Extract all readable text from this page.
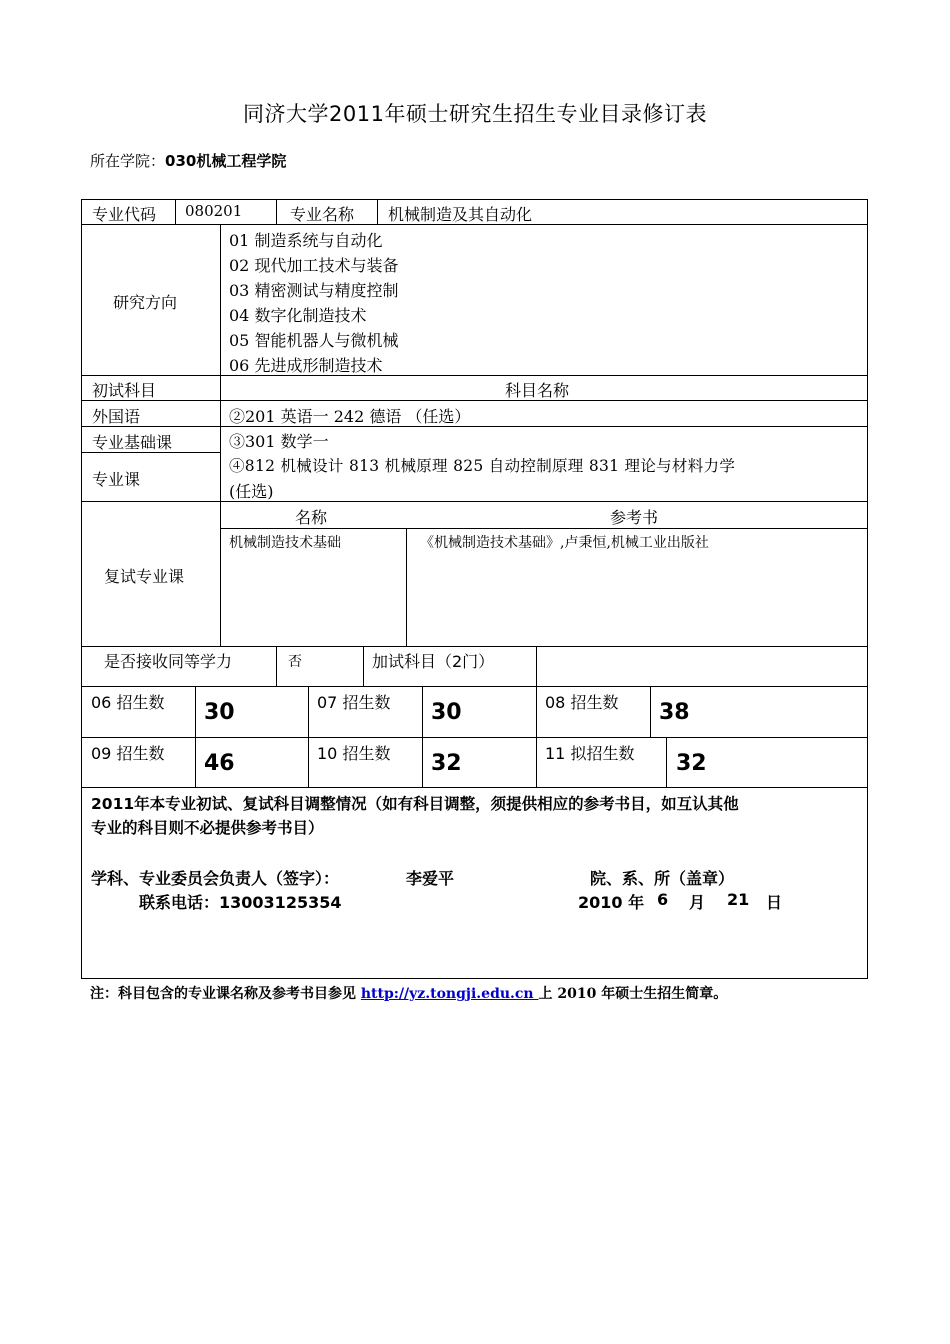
同济大学2011年硕士研究生招生专业目录修订表
所在学院：030机械工程学院
专业代码 080201	专业名称 机械制造及其自动化
研究方向
01 制造系统与自动化
02 现代加工技术与装备
03 精密测试与精度控制
04 数字化制造技术
05 智能机器人与微机械
06 先进成形制造技术
初试科目	科目名称
外国语	②201 英语一 242 德语 （任选）
专业基础课	③301 数学一
专业课
④812 机械设计 813 机械原理 825 自动控制原理 831 理论与材料力学
(任选)
复试专业课
名称	参考书
机械制造技术基础	《机械制造技术基础》,卢秉恒,机械工业出版社
是否接收同等学力	否	加试科目（2门）
06 招生数 30	07 招生数 30	08 招生数 38
09 招生数 46	10 招生数 32	11 拟招生数 32
2011年本专业初试、复试科目调整情况（如有科目调整，须提供相应的参考书目，如互认其他
专业的科目则不必提供参考书目）
学科、专业委员会负责人（签字）：	李爱平	院、系、所（盖章）
联系电话：13003125354	2010 年 6 月 21 日
注：科目包含的专业课名称及参考书目参见 http://yz.tongji.edu.cn 上 2010 年硕士生招生简章。
